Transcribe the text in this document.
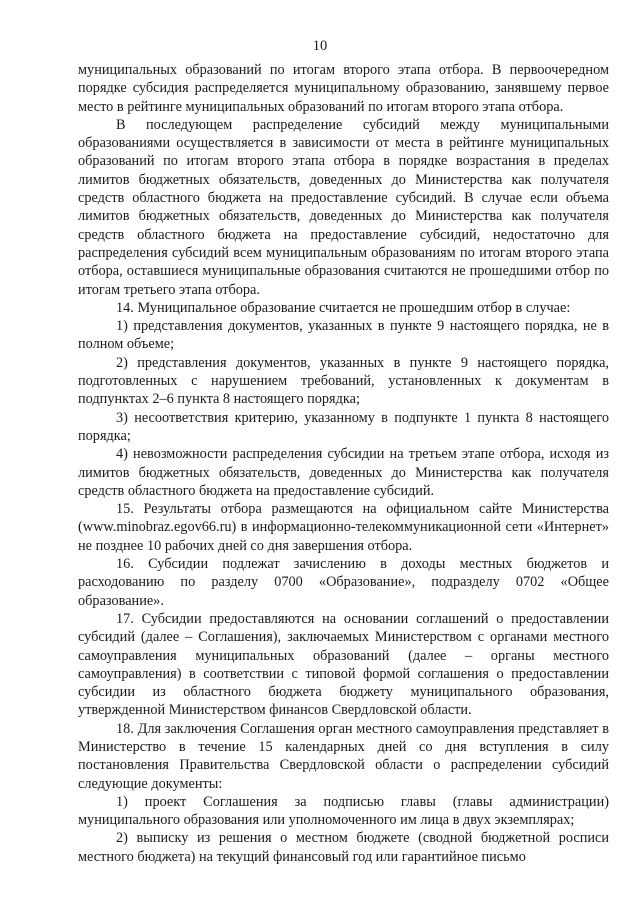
10

муниципальных образований по итогам второго этапа отбора. В первоочередном порядке субсидия распределяется муниципальному образованию, занявшему первое место в рейтинге муниципальных образований по итогам второго этапа отбора.

В последующем распределение субсидий между муниципальными образованиями осуществляется в зависимости от места в рейтинге муниципальных образований по итогам второго этапа отбора в порядке возрастания в пределах лимитов бюджетных обязательств, доведенных до Министерства как получателя средств областного бюджета на предоставление субсидий. В случае если объема лимитов бюджетных обязательств, доведенных до Министерства как получателя средств областного бюджета на предоставление субсидий, недостаточно для распределения субсидий всем муниципальным образованиям по итогам второго этапа отбора, оставшиеся муниципальные образования считаются не прошедшими отбор по итогам третьего этапа отбора.

14. Муниципальное образование считается не прошедшим отбор в случае:

1) представления документов, указанных в пункте 9 настоящего порядка, не в полном объеме;

2) представления документов, указанных в пункте 9 настоящего порядка, подготовленных с нарушением требований, установленных к документам в подпунктах 2–6 пункта 8 настоящего порядка;

3) несоответствия критерию, указанному в подпункте 1 пункта 8 настоящего порядка;

4) невозможности распределения субсидии на третьем этапе отбора, исходя из лимитов бюджетных обязательств, доведенных до Министерства как получателя средств областного бюджета на предоставление субсидий.

15. Результаты отбора размещаются на официальном сайте Министерства (www.minobraz.egov66.ru) в информационно-телекоммуникационной сети «Интернет» не позднее 10 рабочих дней со дня завершения отбора.

16. Субсидии подлежат зачислению в доходы местных бюджетов и расходованию по разделу 0700 «Образование», подразделу 0702 «Общее образование».

17. Субсидии предоставляются на основании соглашений о предоставлении субсидий (далее – Соглашения), заключаемых Министерством с органами местного самоуправления муниципальных образований (далее – органы местного самоуправления) в соответствии с типовой формой соглашения о предоставлении субсидии из областного бюджета бюджету муниципального образования, утвержденной Министерством финансов Свердловской области.

18. Для заключения Соглашения орган местного самоуправления представляет в Министерство в течение 15 календарных дней со дня вступления в силу постановления Правительства Свердловской области о распределении субсидий следующие документы:

1) проект Соглашения за подписью главы (главы администрации) муниципального образования или уполномоченного им лица в двух экземплярах;

2) выписку из решения о местном бюджете (сводной бюджетной росписи местного бюджета) на текущий финансовый год или гарантийное письмо
